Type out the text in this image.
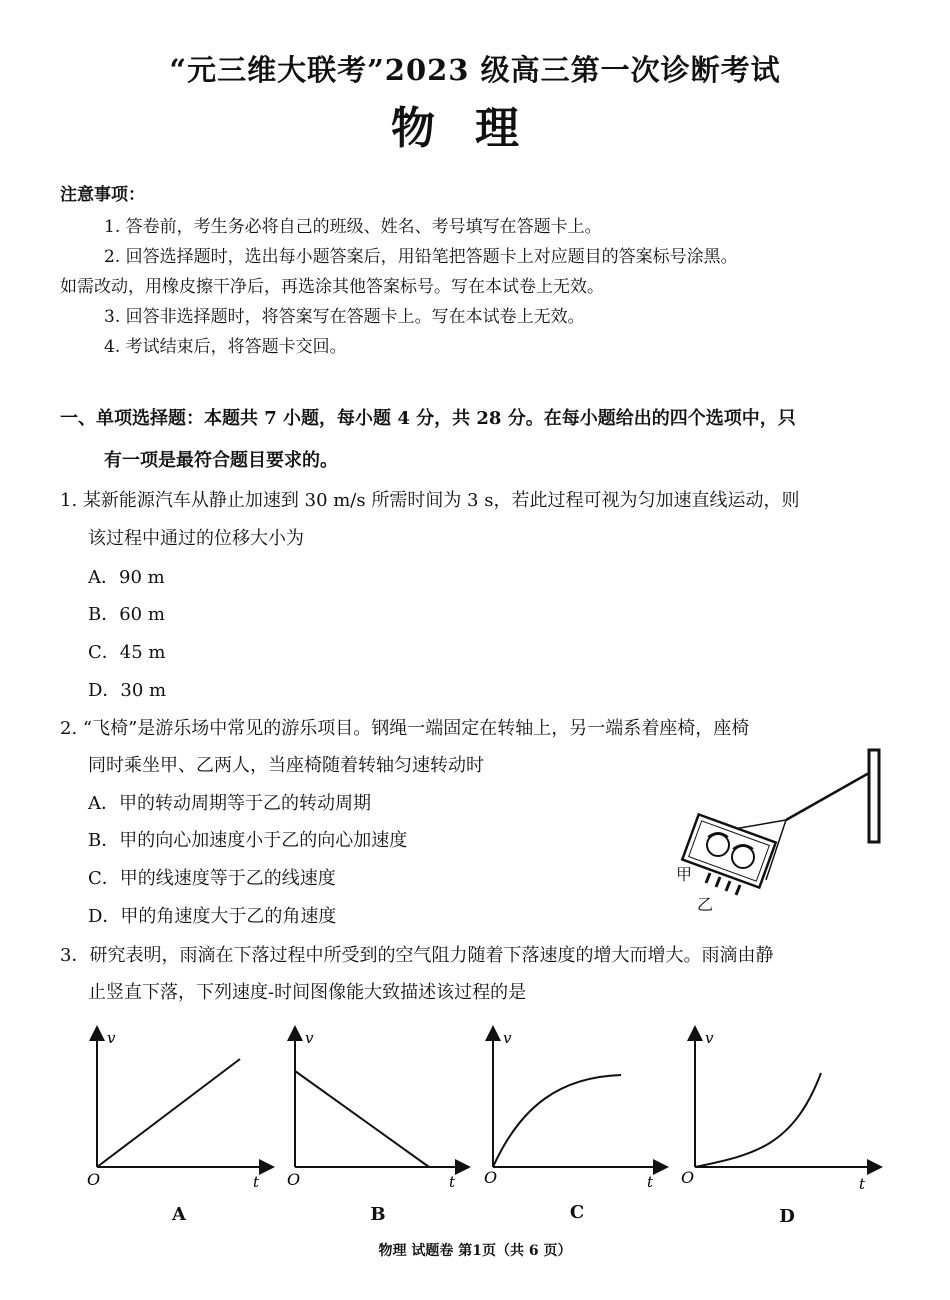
“元三维大联考”2023 级高三第一次诊断考试
物理
注意事项：
1. 答卷前，考生务必将自己的班级、姓名、考号填写在答题卡上。
2. 回答选择题时，选出每小题答案后，用铅笔把答题卡上对应题目的答案标号涂黑。
如需改动，用橡皮擦干净后，再选涂其他答案标号。写在本试卷上无效。
3. 回答非选择题时，将答案写在答题卡上。写在本试卷上无效。
4. 考试结束后，将答题卡交回。
一、单项选择题：本题共 7 小题，每小题 4 分，共 28 分。在每小题给出的四个选项中，只
有一项是最符合题目要求的。
1. 某新能源汽车从静止加速到 30 m/s 所需时间为 3 s，若此过程可视为匀加速直线运动，则
该过程中通过的位移大小为
A．90 m
B．60 m
C．45 m
D．30 m
2. “飞椅”是游乐场中常见的游乐项目。钢绳一端固定在转轴上，另一端系着座椅，座椅
同时乘坐甲、乙两人，当座椅随着转轴匀速转动时
A．甲的转动周期等于乙的转动周期
B．甲的向心加速度小于乙的向心加速度
C．甲的线速度等于乙的线速度
D．甲的角速度大于乙的角速度
甲
乙
3．研究表明，雨滴在下落过程中所受到的空气阻力随着下落速度的增大而增大。雨滴由静
止竖直下落，下列速度-时间图像能大致描述该过程的是
v
t
O
A
v
t
O
B
v
t
O
C
v
t
O
D
物理 试题卷 第1页（共 6 页）
